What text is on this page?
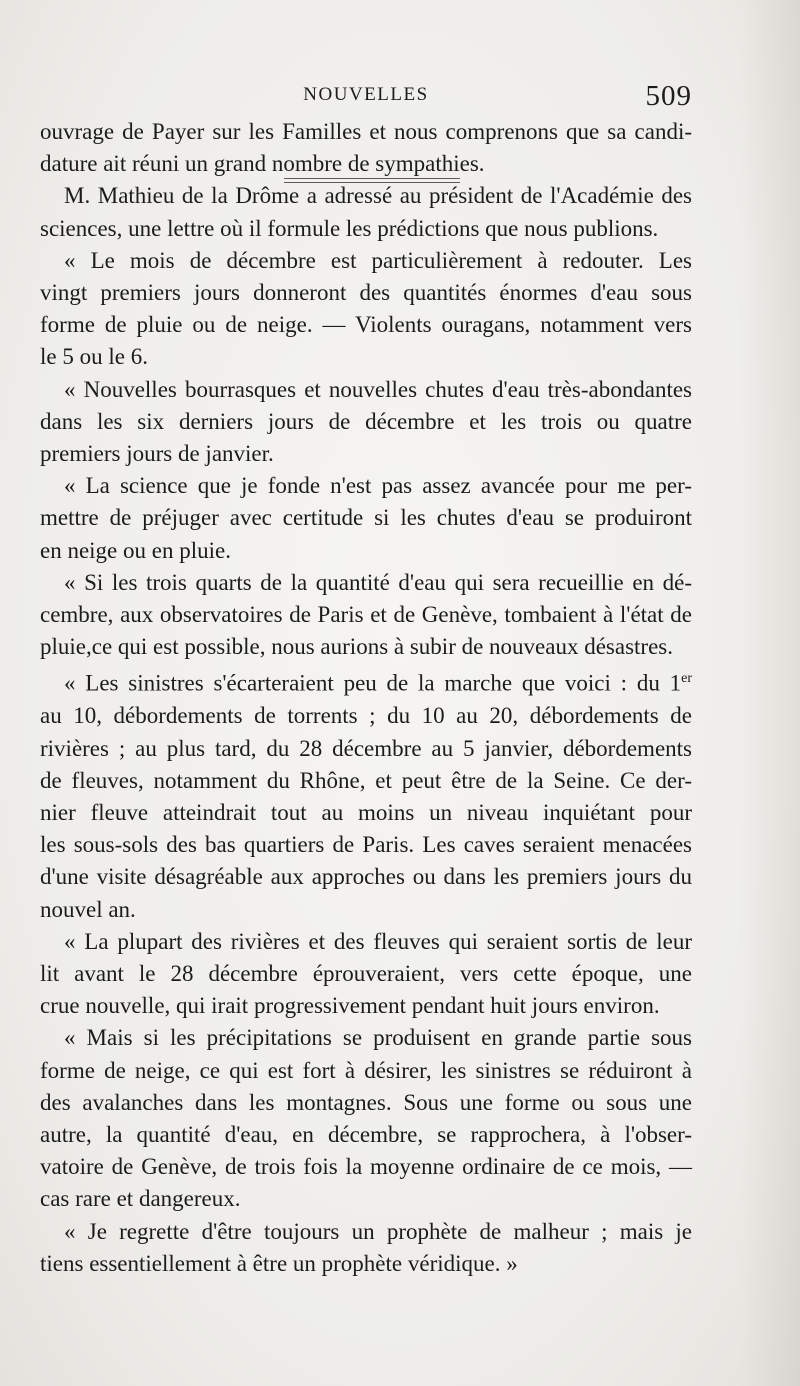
NOUVELLES	509

ouvrage de Payer sur les Familles et nous comprenons que sa candi-
dature ait réuni un grand nombre de sympathies.

M. Mathieu de la Drôme a adressé au président de l'Académie des
sciences, une lettre où il formule les prédictions que nous publions.

« Le mois de décembre est particulièrement à redouter. Les
vingt premiers jours donneront des quantités énormes d'eau sous
forme de pluie ou de neige. — Violents ouragans, notamment vers
le 5 ou le 6.

« Nouvelles bourrasques et nouvelles chutes d'eau très-abondantes
dans les six derniers jours de décembre et les trois ou quatre
premiers jours de janvier.

« La science que je fonde n'est pas assez avancée pour me per-
mettre de préjuger avec certitude si les chutes d'eau se produiront
en neige ou en pluie.

« Si les trois quarts de la quantité d'eau qui sera recueillie en dé-
cembre, aux observatoires de Paris et de Genève, tombaient à l'état de
pluie,ce qui est possible, nous aurions à subir de nouveaux désastres.

« Les sinistres s'écarteraient peu de la marche que voici : du 1er
au 10, débordements de torrents ; du 10 au 20, débordements de
rivières ; au plus tard, du 28 décembre au 5 janvier, débordements
de fleuves, notamment du Rhône, et peut être de la Seine. Ce der-
nier fleuve atteindrait tout au moins un niveau inquiétant pour
les sous-sols des bas quartiers de Paris. Les caves seraient menacées
d'une visite désagréable aux approches ou dans les premiers jours du
nouvel an.

« La plupart des rivières et des fleuves qui seraient sortis de leur
lit avant le 28 décembre éprouveraient, vers cette époque, une
crue nouvelle, qui irait progressivement pendant huit jours environ.

« Mais si les précipitations se produisent en grande partie sous
forme de neige, ce qui est fort à désirer, les sinistres se réduiront à
des avalanches dans les montagnes. Sous une forme ou sous une
autre, la quantité d'eau, en décembre, se rapprochera, à l'obser-
vatoire de Genève, de trois fois la moyenne ordinaire de ce mois, —
cas rare et dangereux.

« Je regrette d'être toujours un prophète de malheur ; mais je
tiens essentiellement à être un prophète véridique. »
